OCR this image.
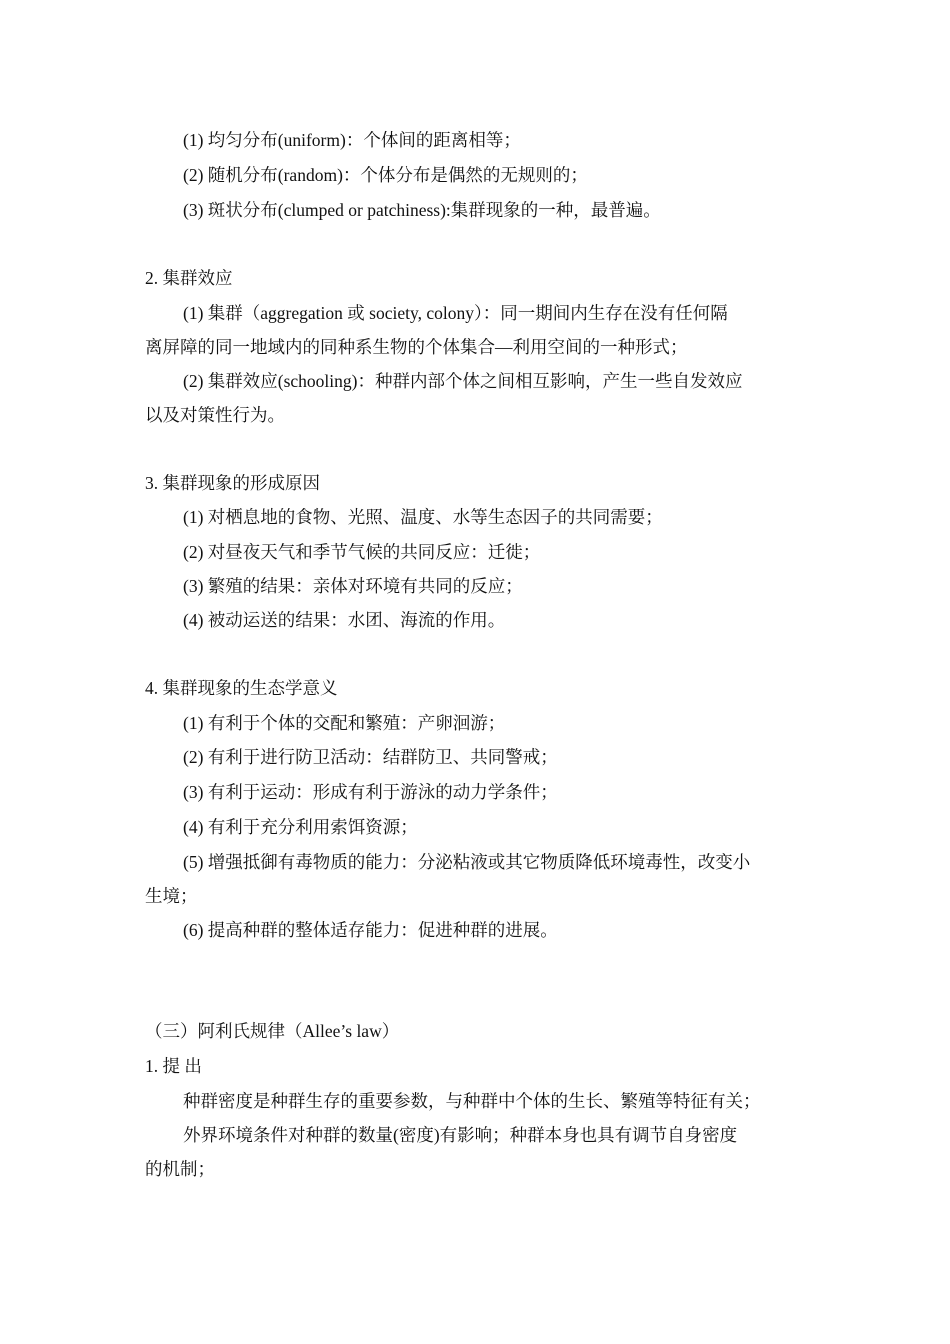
(1) 均匀分布(uniform)：个体间的距离相等；
(2) 随机分布(random)：个体分布是偶然的无规则的；
(3) 斑状分布(clumped or patchiness):集群现象的一种，最普遍。
2. 集群效应
(1) 集群（aggregation 或 society, colony）：同一期间内生存在没有任何隔
离屏障的同一地域内的同种系生物的个体集合—利用空间的一种形式；
(2) 集群效应(schooling)：种群内部个体之间相互影响，产生一些自发效应
以及对策性行为。
3. 集群现象的形成原因
(1) 对栖息地的食物、光照、温度、水等生态因子的共同需要；
(2) 对昼夜天气和季节气候的共同反应：迁徙；
(3) 繁殖的结果：亲体对环境有共同的反应；
(4) 被动运送的结果：水团、海流的作用。
4. 集群现象的生态学意义
(1) 有利于个体的交配和繁殖：产卵洄游；
(2) 有利于进行防卫活动：结群防卫、共同警戒；
(3) 有利于运动：形成有利于游泳的动力学条件；
(4) 有利于充分利用索饵资源；
(5) 增强抵御有毒物质的能力：分泌粘液或其它物质降低环境毒性，改变小
生境；
(6) 提高种群的整体适存能力：促进种群的进展。
（三）阿利氏规律（Allee’s law）
1. 提 出
种群密度是种群生存的重要参数，与种群中个体的生长、繁殖等特征有关；
外界环境条件对种群的数量(密度)有影响；种群本身也具有调节自身密度
的机制；
